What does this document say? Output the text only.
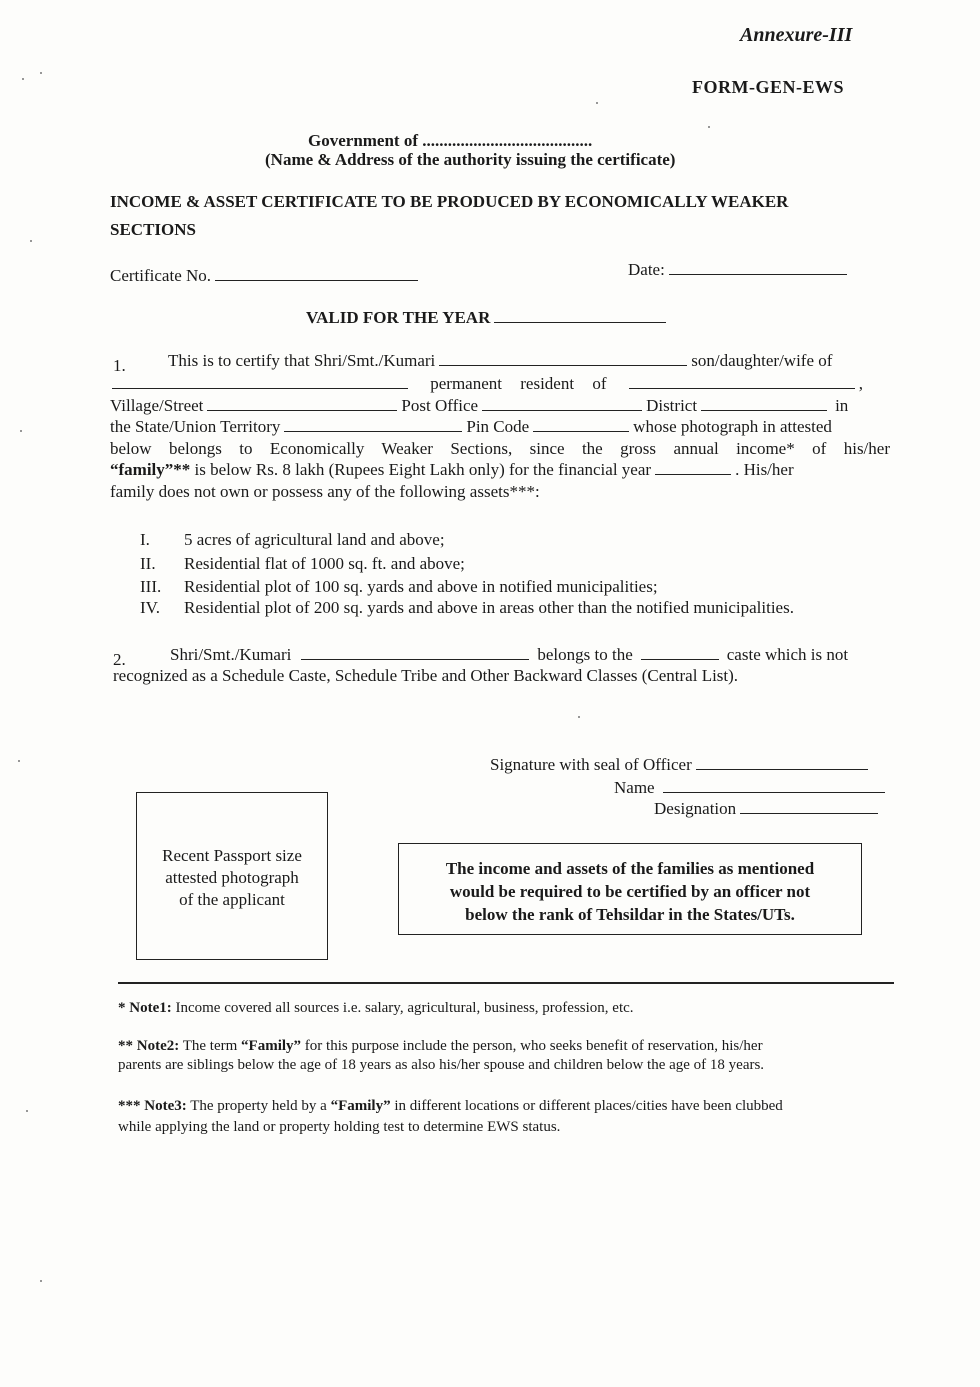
Annexure-III
FORM-GEN-EWS
Government of ........................................
(Name & Address of the authority issuing the certificate)
INCOME & ASSET CERTIFICATE TO BE PRODUCED BY ECONOMICALLY WEAKER
SECTIONS
Certificate No.	Date:
VALID FOR THE YEAR
1. This is to certify that Shri/Smt./Kumari	son/daughter/wife of
permanent resident of	,
Village/Street	Post Office	District	in
the State/Union Territory	Pin Code	whose photograph in attested
below belongs to Economically Weaker Sections, since the gross annual income* of his/her
“family”** is below Rs. 8 lakh (Rupees Eight Lakh only) for the financial year	. His/her
family does not own or possess any of the following assets***:
I. 5 acres of agricultural land and above;
II. Residential flat of 1000 sq. ft. and above;
III. Residential plot of 100 sq. yards and above in notified municipalities;
IV. Residential plot of 200 sq. yards and above in areas other than the notified municipalities.
2.	Shri/Smt./Kumari	belongs to the	caste which is not
recognized as a Schedule Caste, Schedule Tribe and Other Backward Classes (Central List).
Signature with seal of Officer
Name
Designation
Recent Passport size
attested photograph
of the applicant
The income and assets of the families as mentioned
would be required to be certified by an officer not
below the rank of Tehsildar in the States/UTs.
* Note1: Income covered all sources i.e. salary, agricultural, business, profession, etc.
** Note2: The term “Family” for this purpose include the person, who seeks benefit of reservation, his/her
parents are siblings below the age of 18 years as also his/her spouse and children below the age of 18 years.
*** Note3: The property held by a “Family” in different locations or different places/cities have been clubbed
while applying the land or property holding test to determine EWS status.
